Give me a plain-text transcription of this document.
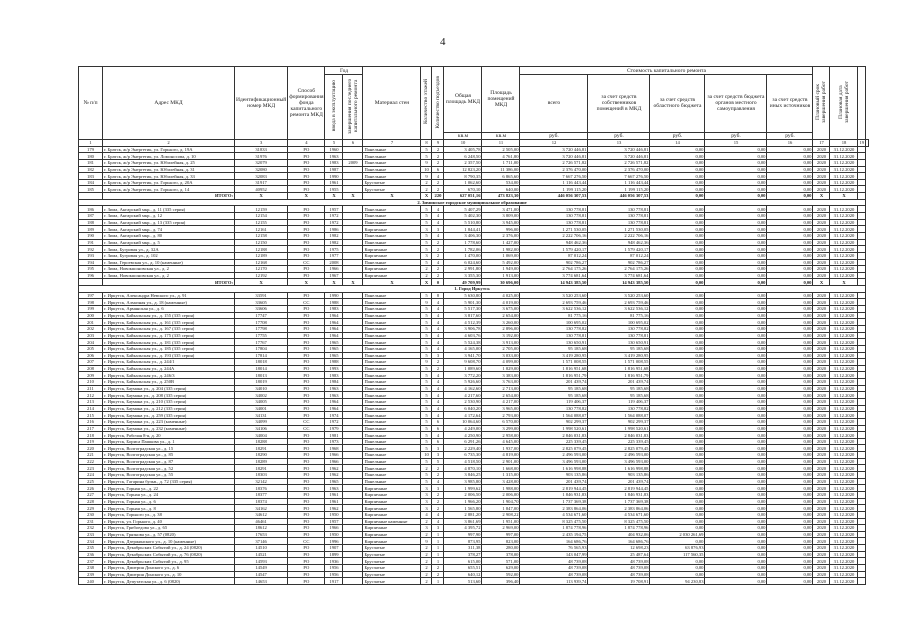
4
№ п/п	Адрес МКД	Идентификационный номер МКД	Способ формирования фонда капитального ремонта МКД	Год		Материал стен	Количество этажей	Количество подъездов	Общая площадь МКД	Площадь помещений МКД	Стоимость капитального ремонта					Плановый срок завершения работ	Плановая дата завершения работ		
				ввода в эксплуатацию	завершения последнего капитального ремонта						всего	за счет средств собственников помещений в МКД	за счет средств областного бюджета	за счет средств бюджета органов местного самоуправления	за счет средств иных источников				
									кв.м	кв.м	руб.	руб.	руб.	руб.	руб.				
1	2	3	4	5	6	7	8	9	10	11	12	13	14	15	16	17	18	19	
179	г. Братск, ж/р Энергетик, ул. Горького, д. 19А	31833	РО	1960		Панельные	5	2	3 405,78	2 505,00	3 720 446,81	3 720 446,81	0,00	0,00	0,00	2020	31.12.2020		
180	г. Братск, ж/р Энергетик, ул. Ломоносова, д. 10	31976	РО	1963		Панельные	5	2	6 248,50	4 761,80	3 720 446,81	3 720 446,81	0,00	0,00	0,00	2020	31.12.2020		
181	г. Братск, ж/р Энергетик, ул. Юбилейная, д. 25	32079	РО	1983	2009	Панельные	9	2	2 357,50	1 711,00	2 726 571,82	2 726 571,82	0,00	0,00	0,00	2020	31.12.2020		
182	г. Братск, ж/р Энергетик, ул. Юбилейная, д. 31	32080	РО	1987		Панельные	10	6	12 823,20	11 386,00	2 376 470,00	2 376 470,00	0,00	0,00	0,00	2020	31.12.2020		
183	г. Братск, ж/р Энергетик, ул. Юбилейная, д. 33	32083	РО	1990		Панельные	9	4	8 790,35	6 865,60	7 667 276,50	7 667 276,50	0,00	0,00	0,00	2020	31.12.2020		
184	г. Братск, ж/р Энергетик, ул. Горького, д. 20А	31917	РО	1961		Брусчатые	2	2	1 062,60	534,00	1 116 443,44	1 116 443,44	0,00	0,00	0,00	2020	31.12.2020		
185	г. Братск, ж/р Энергетик, ул. Горького, д. 14	40952	РО	1955		Брусчатые	2	2	670,10	640,00	1 199 115,20	1 199 115,20	0,00	0,00	0,00	2020	31.12.2020		
	ИТОГО:	X	X	X	X	X	X	220	627 051,16	473 823,30	446 056 307,53	446 056 307,53	0,00	0,00	0,00	X	X		
2. Зиминское городское муниципальное образование																			
186	г. Зима, Ангарский мкр., д. 11 (335 серия)	12159	РО	1957		Панельные	5	4	5 407,29	3 471,00	130 778,81	130 778,81	0,00	0,00	0,00	2020	31.12.2020		
187	г. Зима, Ангарский мкр., д. 12	12154	РО	1972		Панельные	5	4	5 402,30	3 809,00	130 778,81	130 778,81	0,00	0,00	0,00	2020	31.12.2020		
188	г. Зима, Ангарский мкр., д. 13 (335 серия)	12155	РО	1972		Панельные	5	4	5 510,80	3 945,00	130 778,81	130 778,81	0,00	0,00	0,00	2020	31.12.2020		
189	г. Зима, Ангарский мкр., д. 74	12161	РО	1986		Кирпичные	3	3	1 844,41	996,00	1 271 530,05	1 271 530,05	0,00	0,00	0,00	2020	31.12.2020		
190	г. Зима, Ангарский мкр., д. 80	12158	РО	1982		Панельные	5	4	3 406,30	2 376,00	2 222 706,16	2 222 706,16	0,00	0,00	0,00	2020	31.12.2020		
191	г. Зима, Ангарский мкр., д. 5	12150	РО	1982		Панельные	5	2	1 778,60	1 427,00	948 462,36	948 462,36	0,00	0,00	0,00	2020	31.12.2020		
192	г. Зима, Бугровая ул., д. 32А	12188	РО	1975		Кирпичные	5	2	1 782,06	1 982,00	1 579 420,17	1 579 420,17	0,00	0,00	0,00	2020	31.12.2020		
193	г. Зима, Бугровая ул., д. 102	12189	РО	1977		Кирпичные	3	2	1 470,00	1 069,00	87 012,24	87 012,24	0,00	0,00	0,00	2020	31.12.2020		
194	г. Зима, Героевская ул., д. 10 (каменные)	12168	СС	2008		Панельные	5	4	6 024,60	5 492,00	902 786,27	902 786,27	0,00	0,00	0,00	2020	31.12.2020		
195	г. Зима, Новокшоновская ул., д. 2	12170	РО	1966		Кирпичные	2	2	2 991,80	1 949,00	2 764 175,26	2 764 175,26	0,00	0,00	0,00	2020	31.12.2020		
196	г. Зима, Новокшоновская ул., д. 2	12192	РО	1967		Кирпичные	2	2	3 355,30	1 913,00	3 774 681,64	3 774 681,64	0,00	0,00	0,00	2020	31.12.2020		
	ИТОГО:	X	X	X	X	X	X	0	49 709,99	30 696,00	14 943 385,50	14 943 385,50	0,00	0,00	0,00	X	X		
1. Город Иркутск																			
197	г. Иркутск, Александра Невского ул., д. 91	33591	РО	1990		Панельные	5	8	5 630,80	4 025,00	3 520 253,60	3 520 253,60	0,00	0,00	0,00	2020	31.12.2020		
198	г. Иркутск, Алмазная ул., д. 18 (каменные)	33605	СС	1988		Панельные	9	4	5 901,30	4 019,00	2 693 759,46	2 693 759,46	0,00	0,00	0,00	2020	31.12.2020		
199	г. Иркутск, Армянская ул., д. 6	33606	РО	1983		Панельные	5	4	5 517,30	3 675,00	3 622 536,12	3 622 536,12	0,00	0,00	0,00	2020	31.12.2020		
200	г. Иркутск, Байкальская ул., д. 155 (335 серия)	17747	РО	1964		Панельные	5	4	3 817,60	2 654,00	81 775,16	81 775,16	0,00	0,00	0,00	2020	31.12.2020		
201	г. Иркутск, Байкальская ул., д. 161 (335 серия)	17708	РО	1964		Панельные	5	4	4 512,39	3 260,00	100 695,02	100 695,02	0,00	0,00	0,00	2020	31.12.2020		
202	г. Иркутск, Байкальская ул., д. 167 (335 серия)	17798	РО	1964		Панельные	5	4	3 906,78	2 896,00	130 778,82	130 778,82	0,00	0,00	0,00	2020	31.12.2020		
203	г. Иркутск, Байкальская ул., д. 175 (335 серия)	17755	РО	1964		Панельные	5	4	4 603,76	3 192,00	130 778,81	130 778,81	0,00	0,00	0,00	2020	31.12.2020		
204	г. Иркутск, Байкальская ул., д. 181 (335 серия)	17767	РО	1965		Панельные	5	4	5 524,38	3 913,00	130 650,91	130 650,91	0,00	0,00	0,00	2020	31.12.2020		
205	г. Иркутск, Байкальская ул., д. 185 (335 серия)	17804	РО	1965		Панельные	5	4	4 165,00	2 705,00	95 185,68	95 185,68	0,00	0,00	0,00	2020	31.12.2020		
206	г. Иркутск, Байкальская ул., д. 193 (335 серия)	17814	РО	1965		Панельные	5	3	3 941,70	3 033,00	3 419 280,95	3 419 280,95	0,00	0,00	0,00	2020	31.12.2020		
207	г. Иркутск, Байкальская ул., д. 244/1	18018	РО	1988		Панельные	9	2	9 608,70	4 099,00	1 571 008,55	1 571 008,55	0,00	0,00	0,00	2020	31.12.2020		
208	г. Иркутск, Байкальская ул., д. 244А	18014	РО	1993		Панельные	5	2	1 089,60	1 829,00	1 816 951,68	1 816 951,68	0,00	0,00	0,00	2020	31.12.2020		
209	г. Иркутск, Байкальская ул., д. 246/3	18013	РО	1983		Панельные	5	4	3 772,20	3 383,00	1 816 951,79	1 816 951,79	0,00	0,00	0,00	2020	31.12.2020		
210	г. Иркутск, Байкальская ул., д. 250В	18019	РО	1984		Панельные	5	4	5 926,60	3 763,00	201 439,74	201 439,74	0,00	0,00	0,00	2020	31.12.2020		
211	г. Иркутск, Баумана ул., д. 204 (335 серия)	34010	РО	1963		Панельные	5	4	4 162,60	2 713,00	95 185,68	95 185,68	0,00	0,00	0,00	2020	31.12.2020		
212	г. Иркутск, Баумана ул., д. 208 (335 серия)	34002	РО	1963		Панельные	5	4	4 217,60	2 654,00	95 185,68	95 185,68	0,00	0,00	0,00	2020	31.12.2020		
213	г. Иркутск, Баумана ул., д. 210 (335 серия)	34005	РО	1964		Панельные	5	4	2 530,90	4 217,00	119 406,37	119 406,37	0,00	0,00	0,00	2020	31.12.2020		
214	г. Иркутск, Баумана ул., д. 212 (335 серия)	34001	РО	1964		Панельные	5	4	6 040,20	3 965,00	130 778,82	130 778,82	0,00	0,00	0,00	2020	31.12.2020		
215	г. Иркутск, Баумана ул., д. 259 (335 серия)	34131	РО	1974		Панельные	5	4	4 172,64	2 793,00	1 564 088,07	1 564 088,07	0,00	0,00	0,00	2020	31.12.2020		
216	г. Иркутск, Баумана ул., д. 223 (каменные)	34099	СС	1972		Панельные	5	6	10 064,60	6 570,00	902 299,37	902 299,37	0,00	0,00	0,00	2020	31.12.2020		
217	г. Иркутск, Баумана ул., д. 232 (каменные)	34106	СС	1979		Панельные	5	6	4 249,00	3 299,00	1 998 520,61	1 998 520,61	0,00	0,00	0,00	2020	31.12.2020		
218	г. Иркутск, Рабочая 8-я, д. 20	34004	РО	1981		Панельные	5	4	4 250,90	2 958,00	2 846 031,83	2 846 031,83	0,00	0,00	0,00	2020	31.12.2020		
219	г. Иркутск, Бориса Пашкова ул., д. 1	18288	РО	1973		Панельные	5	6	6 291,26	4 645,00	225 339,45	225 339,45	0,00	0,00	0,00	2020	31.12.2020		
220	г. Иркутск, Волгоградская ул., д. 15	18291	РО	1968		Панельные	5	3	2 229,40	1 937,00	2 825 079,45	2 825 079,45	0,00	0,00	0,00	2020	31.12.2020		
221	г. Иркутск, Волгоградская ул., д. 85	18290	РО	1966		Панельные	10	3	6 735,30	4 819,00	2 496 593,00	2 496 593,00	0,00	0,00	0,00	2020	31.12.2020		
222	г. Иркутск, Волгоградская ул., д. 87	18289	РО	1966		Панельные	5	5	4 518,50	2 901,00	3 496 593,00	3 496 593,00	0,00	0,00	0,00	2020	31.12.2020		
223	г. Иркутск, Волгоградская ул., д. 52	18291	РО	1962		Панельные	2	2	4 870,10	1 668,00	1 616 998,88	1 616 998,88	0,00	0,00	0,00	2020	31.12.2020		
224	г. Иркутск, Волгоградская ул., д. 55	18303	РО	1962		Панельные	5	2	3 846,25	1 315,00	903 135,86	903 135,86	0,00	0,00	0,00	2020	31.12.2020		
225	г. Иркутск, Гагарина бульв., д. 72 (335 серия)	32142	РО	1965		Панельные	5	4	3 985,80	3 428,00	201 439,74	201 439,74	0,00	0,00	0,00	2020	31.12.2020		
226	г. Иркутск, Горная ул., д. 22	18376	РО	1963		Кирпичные	3	3	1 999,62	1 988,00	2 819 944,45	2 819 944,45	0,00	0,00	0,00	2020	31.12.2020		
227	г. Иркутск, Горная ул., д. 24	18377	РО	1961		Кирпичные	3	2	2 006,50	2 006,00	1 846 931,83	1 846 931,83	0,00	0,00	0,00	2020	31.12.2020		
228	г. Иркутск, Горная ул., д. 6	18374	РО	1961		Кирпичные	3	2	1 966,20	1 904,70	1 737 369,38	1 737 369,38	0,00	0,00	0,00	2020	31.12.2020		
229	г. Иркутск, Горная ул., д. 8	34162	РО	1962		Кирпичные	3	2	1 565,80	1 847,00	2 383 864,06	2 383 864,06	0,00	0,00	0,00	2020	31.12.2020		
230	г. Иркутск, Горького ул., д. 38	34612	РО	1950		Кирпичные	4	4	2 881,20	2 908,22	4 534 671,60	4 534 671,60	0,00	0,00	0,00	2020	31.12.2020		
231	г. Иркутск, ул. Горького, д. 40	46461	РО	1957		Кирпичные каменные	2	4	3 861,69	1 951,00	8 325 475,50	8 325 475,50	0,00	0,00	0,00	2020	31.12.2020		
232	г. Иркутск, Грибоедова ул., д. 65	18612	РО	1966		Кирпичные	3	3	4 395,72	2 969,00	1 874 778,96	1 874 778,96	0,00	0,00	0,00	2020	31.12.2020		
233	г. Иркутск, Грязнова ул., д. 57 (0820)	17653	РО	1950		Кирпичные	2	1	997,90	997,00	2 435 194,75	404 932,06	2 030 261,69	0,00	0,00	2020	31.12.2020		
234	г. Иркутск, Дзержинского ул., д. 10 (каменные)	37146	СС	1996		Кирпичные	9	1	873,95	823,00	164 686,76	164 686,76	0,00	0,00	0,00	2020	31.12.2020		
235	г. Иркутск, Декабрьских Событий ул., д. 24 (0820)	14510	РО	1907		Брусчатые	2	1	311,38	280,00	76 565,93	12 698,23	63 876,93	0,00	0,00	2020	31.12.2020		
236	г. Иркутск, Декабрьских Событий ул., д. 76 (0820)	14521	РО	1899		Брусчатые	2	1	378,27	378,00	143 047,99	25 487,64	117 560,35	0,00	0,00	2020	31.12.2020		
237	г. Иркутск, Декабрьских Событий ул., д. 95	14593	РО	1936		Брусчатые	2	1	615,00	571,00	48 739,08	48 739,08	0,00	0,00	0,00	2020	31.12.2020		
238	г. Иркутск, Дмитрия Донского ул., д. 6	14549	РО	1956		Брусчатые	2	2	655,51	629,00	48 739,08	48 739,08	0,00	0,00	0,00	2020	31.12.2020		
239	г. Иркутск, Дмитрия Донского ул., д. 10	14547	РО	1956		Брусчатые	2	2	640,12	592,00	48 739,08	48 739,08	0,00	0,00	0,00	2020	31.12.2020		
240	г. Иркутск, Депутатская ул., д. 6 (0820)	14653	РО	1917		Брусчатые	2	1	513,60	396,40	113 939,74	19 708,91	94 230,83	0,00	0,00	2020	31.12.2020		
